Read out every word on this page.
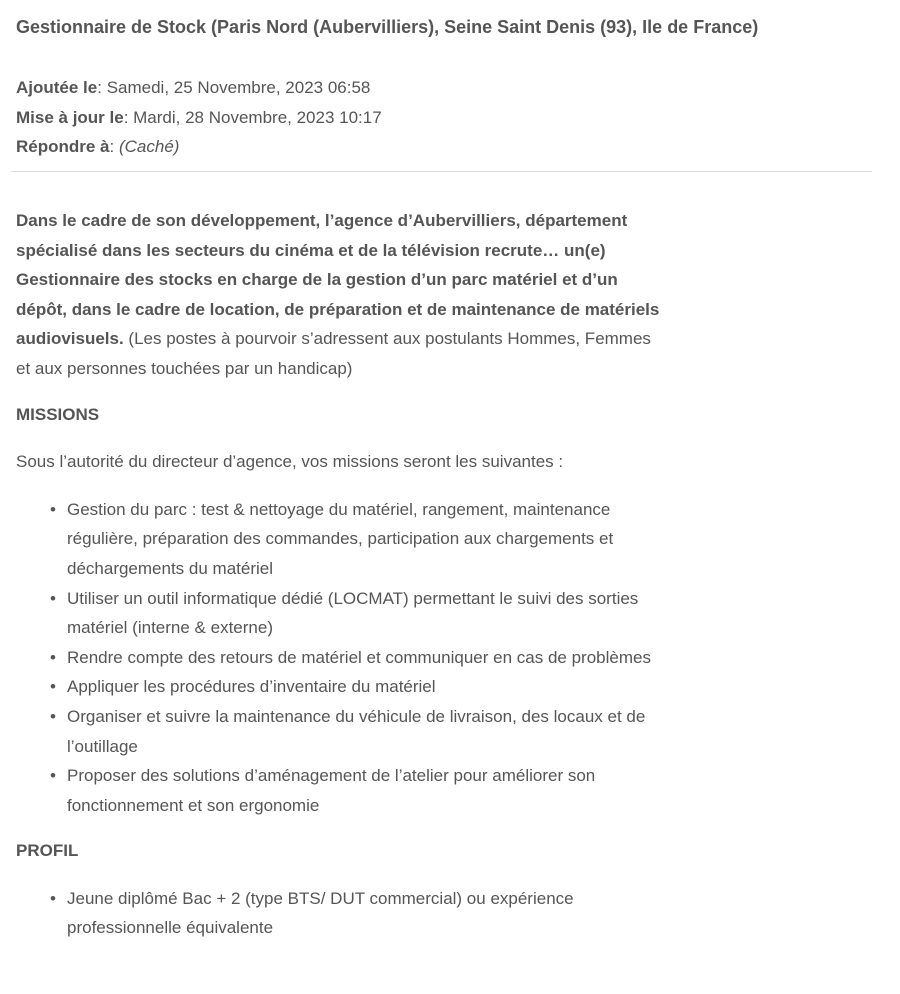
Gestionnaire de Stock (Paris Nord (Aubervilliers), Seine Saint Denis (93), Ile de France)
Ajoutée le: Samedi, 25 Novembre, 2023 06:58
Mise à jour le: Mardi, 28 Novembre, 2023 10:17
Répondre à: (Caché)

Dans le cadre de son développement, l’agence d’Aubervilliers, département spécialisé dans les secteurs du cinéma et de la télévision recrute… un(e) Gestionnaire des stocks en charge de la gestion d’un parc matériel et d’un dépôt, dans le cadre de location, de préparation et de maintenance de matériels audiovisuels. (Les postes à pourvoir s’adressent aux postulants Hommes, Femmes et aux personnes touchées par un handicap)

MISSIONS

Sous l’autorité du directeur d’agence, vos missions seront les suivantes :

• Gestion du parc : test & nettoyage du matériel, rangement, maintenance régulière, préparation des commandes, participation aux chargements et déchargements du matériel
• Utiliser un outil informatique dédié (LOCMAT) permettant le suivi des sorties matériel (interne & externe)
• Rendre compte des retours de matériel et communiquer en cas de problèmes
• Appliquer les procédures d’inventaire du matériel
• Organiser et suivre la maintenance du véhicule de livraison, des locaux et de l’outillage
• Proposer des solutions d’aménagement de l’atelier pour améliorer son fonctionnement et son ergonomie
PROFIL
• Jeune diplômé Bac + 2 (type BTS/ DUT commercial) ou expérience professionnelle équivalente
